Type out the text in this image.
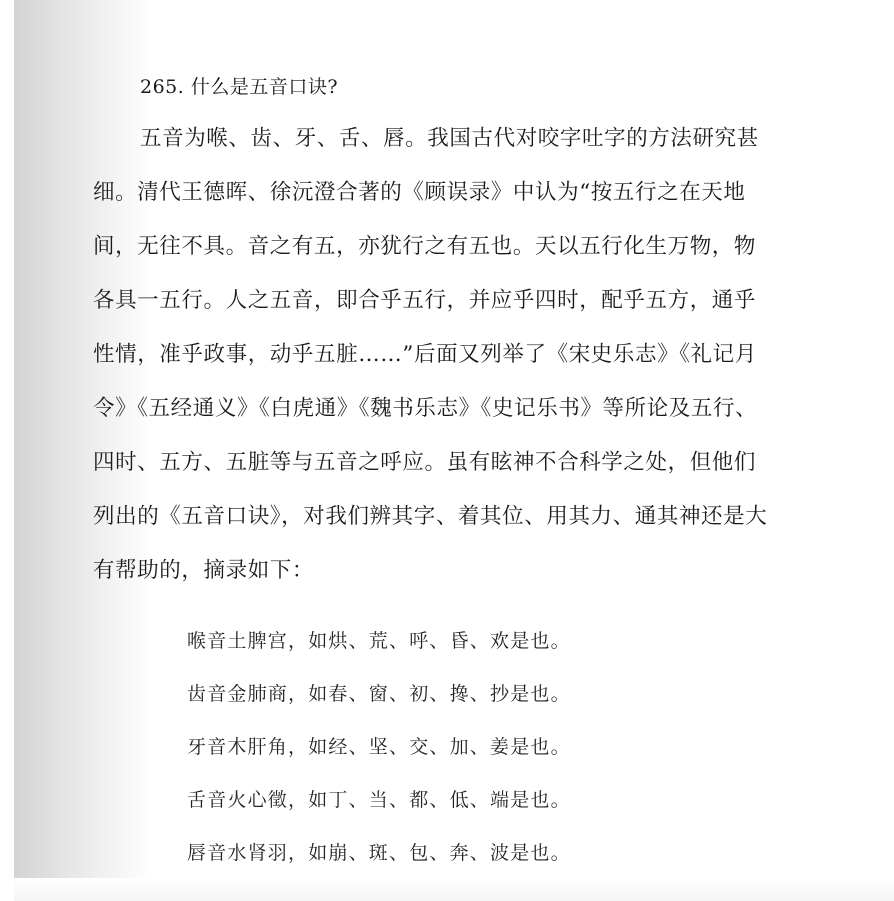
265. 什么是五音口诀?
五音为喉、齿、牙、舌、唇。我国古代对咬字吐字的方法研究甚
细。清代王德晖、徐沅澄合著的《顾误录》中认为“按五行之在天地
间，无往不具。音之有五，亦犹行之有五也。天以五行化生万物，物
各具一五行。人之五音，即合乎五行，并应乎四时，配乎五方，通乎
性情，准乎政事，动乎五脏……”后面又列举了《宋史乐志》《礼记月
令》《五经通义》《白虎通》《魏书乐志》《史记乐书》等所论及五行、
四时、五方、五脏等与五音之呼应。虽有眩神不合科学之处，但他们
列出的《五音口诀》，对我们辨其字、着其位、用其力、通其神还是大
有帮助的，摘录如下：
喉音土脾宫，如烘、荒、呼、昏、欢是也。
齿音金肺商，如春、窗、初、搀、抄是也。
牙音木肝角，如经、坚、交、加、姜是也。
舌音火心徵，如丁、当、都、低、端是也。
唇音水肾羽，如崩、斑、包、奔、波是也。
